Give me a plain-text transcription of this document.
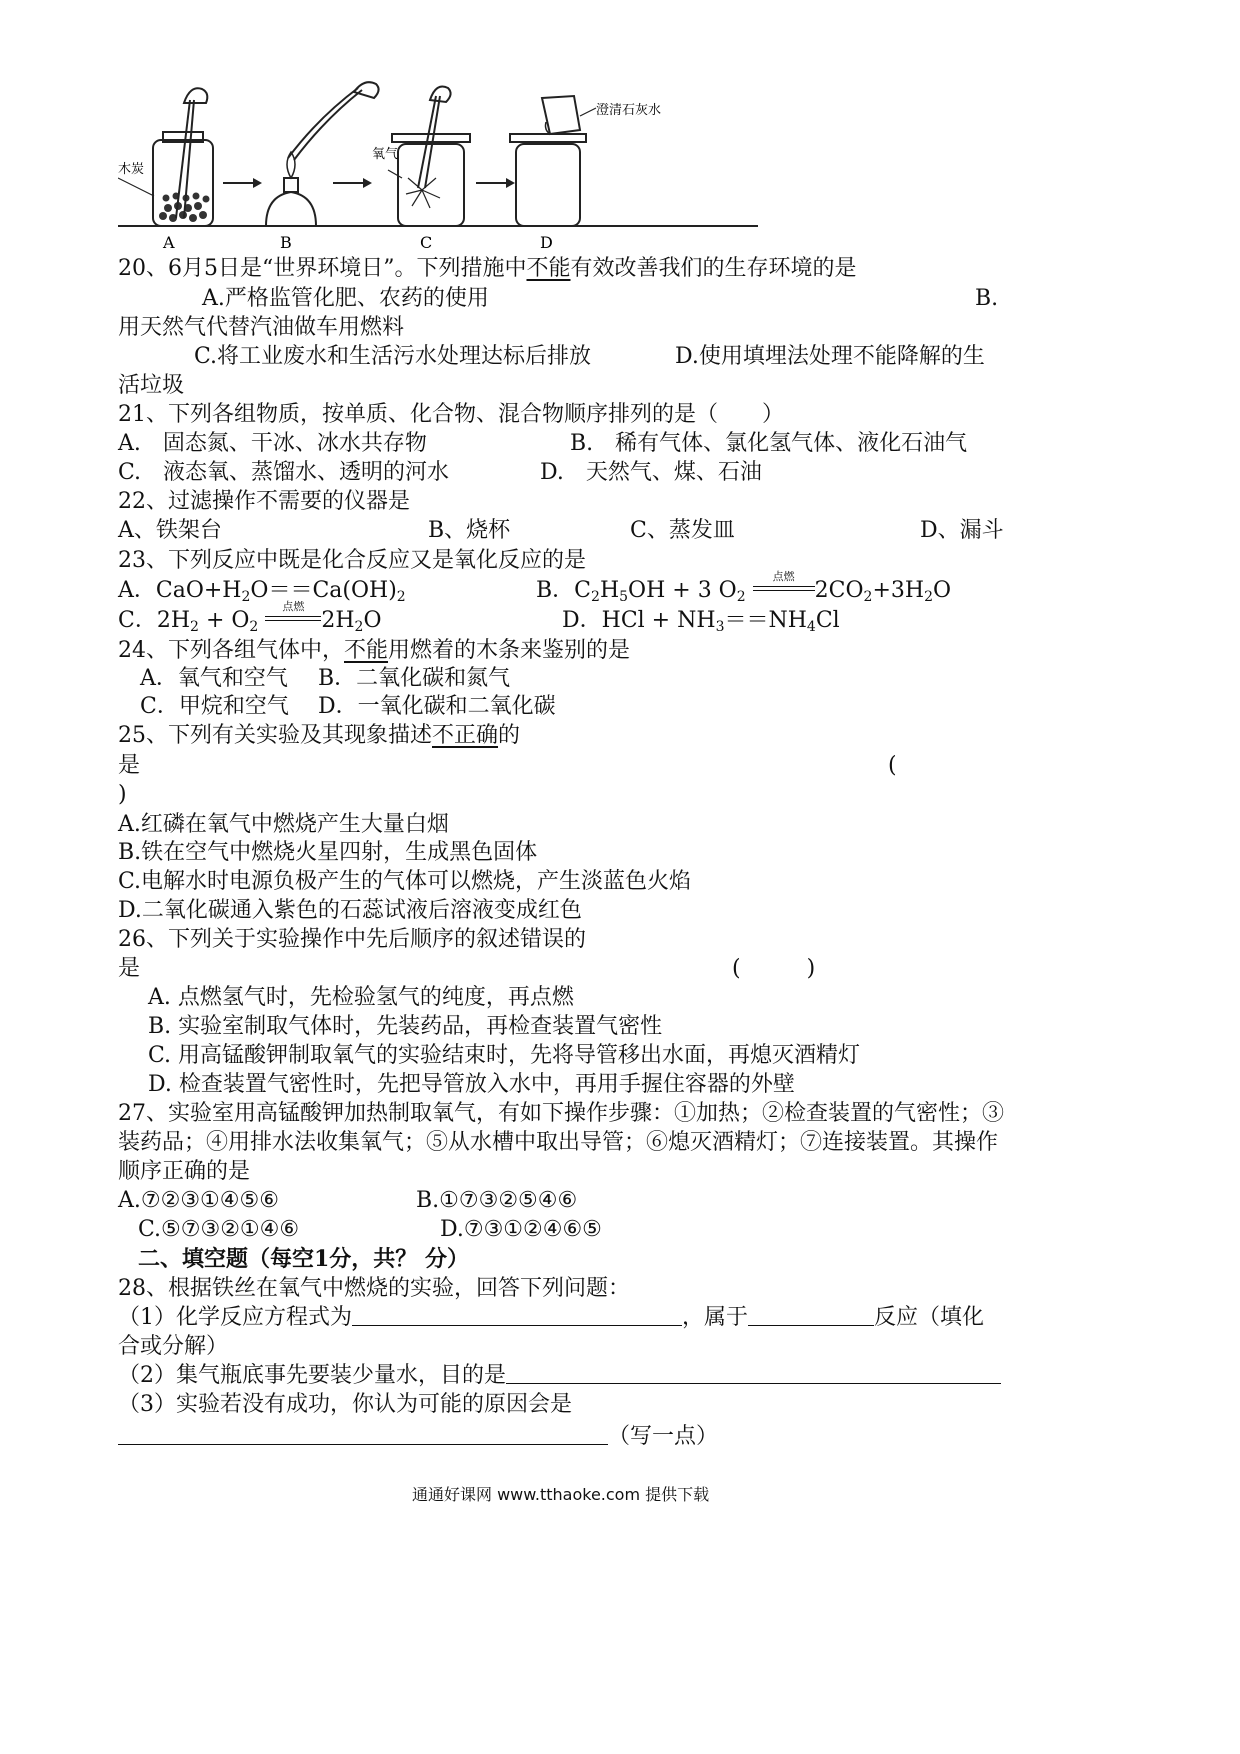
木炭
氧气
澄清石灰水
A	B	C	D
20、6月5日是“世界环境日”。下列措施中不能有效改善我们的生存环境的是
A.严格监管化肥、农药的使用	B.
用天然气代替汽油做车用燃料
C.将工业废水和生活污水处理达标后排放	D.使用填埋法处理不能降解的生
活垃圾
21、下列各组物质，按单质、化合物、混合物顺序排列的是（　　）
A.　固态氮、干冰、冰水共存物	B.　稀有气体、氯化氢气体、液化石油气
C.　液态氧、蒸馏水、透明的河水	D.　天然气、煤、石油
22、过滤操作不需要的仪器是
A、铁架台	B、烧杯	C、蒸发皿	D、漏斗
23、下列反应中既是化合反应又是氧化反应的是
A．$CaO+H_2O==Ca(OH)_2$	B．$C_2H_5OH + 3$ $O_2$
点燃
$2CO_2+3H_2O$
C．$2H_2 + O_2$
点燃
$2H_2O$	D．HCl + $NH_3==NH_4Cl$
24、下列各组气体中，不能用燃着的木条来鉴别的是
A．氧气和空气 B．二氧化碳和氮气
C．甲烷和空气 D．一氧化碳和二氧化碳
25、下列有关实验及其现象描述不正确的
是	(
)
A.红磷在氧气中燃烧产生大量白烟
B.铁在空气中燃烧火星四射，生成黑色固体
C.电解水时电源负极产生的气体可以燃烧，产生淡蓝色火焰
D.二氧化碳通入紫色的石蕊试液后溶液变成红色
26、下列关于实验操作中先后顺序的叙述错误的
是	(　　　)
A. 点燃氢气时，先检验氢气的纯度，再点燃
B. 实验室制取气体时，先装药品，再检查装置气密性
C. 用高锰酸钾制取氧气的实验结束时，先将导管移出水面，再熄灭酒精灯
D. 检查装置气密性时，先把导管放入水中，再用手握住容器的外壁
27、实验室用高锰酸钾加热制取氧气，有如下操作步骤：①加热；②检查装置的气密性；③
装药品；④用排水法收集氧气；⑤从水槽中取出导管；⑥熄灭酒精灯；⑦连接装置。其操作
顺序正确的是
A.⑦②③①④⑤⑥	B.①⑦③②⑤④⑥
C.⑤⑦③②①④⑥	D.⑦③①②④⑥⑤
二、填空题（每空1分，共？ 分）
28、根据铁丝在氧气中燃烧的实验，回答下列问题：
（1）化学反应方程式为	，属于	反应（填化
合或分解）
（2）集气瓶底事先要装少量水，目的是
（3）实验若没有成功，你认为可能的原因会是
（写一点）
通通好课网 www.tthaoke.com 提供下载
